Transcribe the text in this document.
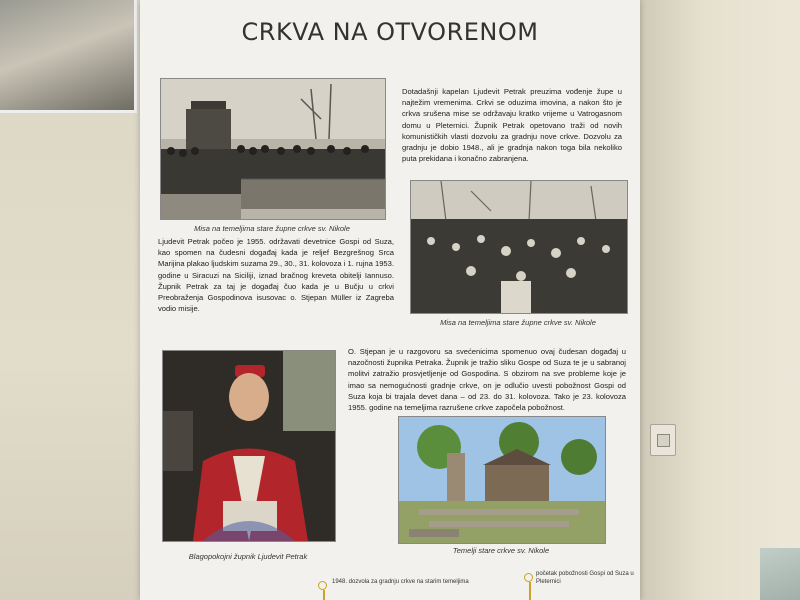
CRKVA NA OTVORENOM
Misa na temeljima stare župne crkve sv. Nikole
Dotadašnji kapelan Ljudevit Petrak preuzima vođenje župe u najtežim vremenima. Crkvi se oduzima imovina, a nakon što je crkva srušena mise se održavaju kratko vrijeme u Vatrogasnom domu u Pleternici. Župnik Petrak opetovano traži od novih komunističkih vlasti dozvolu za gradnju nove crkve. Dozvolu za gradnju je dobio 1948., ali je gradnja nakon toga bila nekoliko puta prekidana i konačno zabranjena.
Misa na temeljima stare župne crkve sv. Nikole
Ljudevit Petrak počeo je 1955. održavati devetnice Gospi od Suza, kao spomen na čudesni događaj kada je reljef Bezgrešnog Srca Marijina plakao ljudskim suzama 29., 30., 31. kolovoza i 1. rujna 1953. godine u Siracuzi na Siciliji, iznad bračnog kreveta obitelji Iannuso. Župnik Petrak za taj je događaj čuo kada je u Bučju u crkvi Preobraženja Gospodinova isusovac o. Stjepan Müller iz Zagreba vodio misije.
Blagopokojni župnik Ljudevit Petrak
O. Stjepan je u razgovoru sa svećenicima spomenuo ovaj čudesan događaj u nazočnosti župnika Petraka. Župnik je tražio sliku Gospe od Suza te je u sabranoj molitvi zatražio prosvjetljenje od Gospodina. S obzirom na sve probleme koje je imao sa nemogućnosti gradnje crkve, on je odlučio uvesti pobožnost Gospi od Suza koja bi trajala devet dana – od 23. do 31. kolovoza. Tako je 23. kolovoza 1955. godine na temeljima razrušene crkve započela pobožnost.
Temelji stare crkve sv. Nikole
1948. dozvola za gradnju crkve na starim temeljima
početak pobožnosti Gospi od Suza u Pleternici
